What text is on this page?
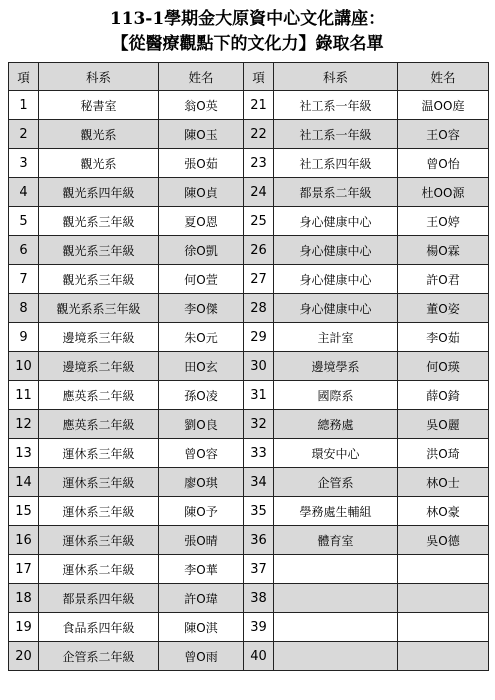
113-1學期金大原資中心文化講座：
【從醫療觀點下的文化力】錄取名單
項	科系	姓名	項	科系	姓名
1	秘書室	翁O英	21	社工系一年級	温OO庭
2	觀光系	陳O玉	22	社工系一年級	王O容
3	觀光系	張O茹	23	社工系四年級	曾O怡
4	觀光系四年級	陳O貞	24	都景系二年級	杜OO源
5	觀光系三年級	夏O恩	25	身心健康中心	王O婷
6	觀光系三年級	徐O凱	26	身心健康中心	楊O霖
7	觀光系三年級	何O萱	27	身心健康中心	許O君
8	觀光系系三年級	李O傑	28	身心健康中心	董O姿
9	邊境系三年級	朱O元	29	主計室	李O茹
10	邊境系二年級	田O玄	30	邊境學系	何O瑛
11	應英系二年級	孫O凌	31	國際系	薛O錡
12	應英系二年級	劉O良	32	總務處	吳O麗
13	運休系三年級	曾O容	33	環安中心	洪O琦
14	運休系三年級	廖O琪	34	企管系	林O士
15	運休系三年級	陳O予	35	學務處生輔組	林O豪
16	運休系三年級	張O晴	36	體育室	吳O德
17	運休系二年級	李O華	37		
18	都景系四年級	許O瑋	38		
19	食品系四年級	陳O淇	39		
20	企管系二年級	曾O雨	40		
